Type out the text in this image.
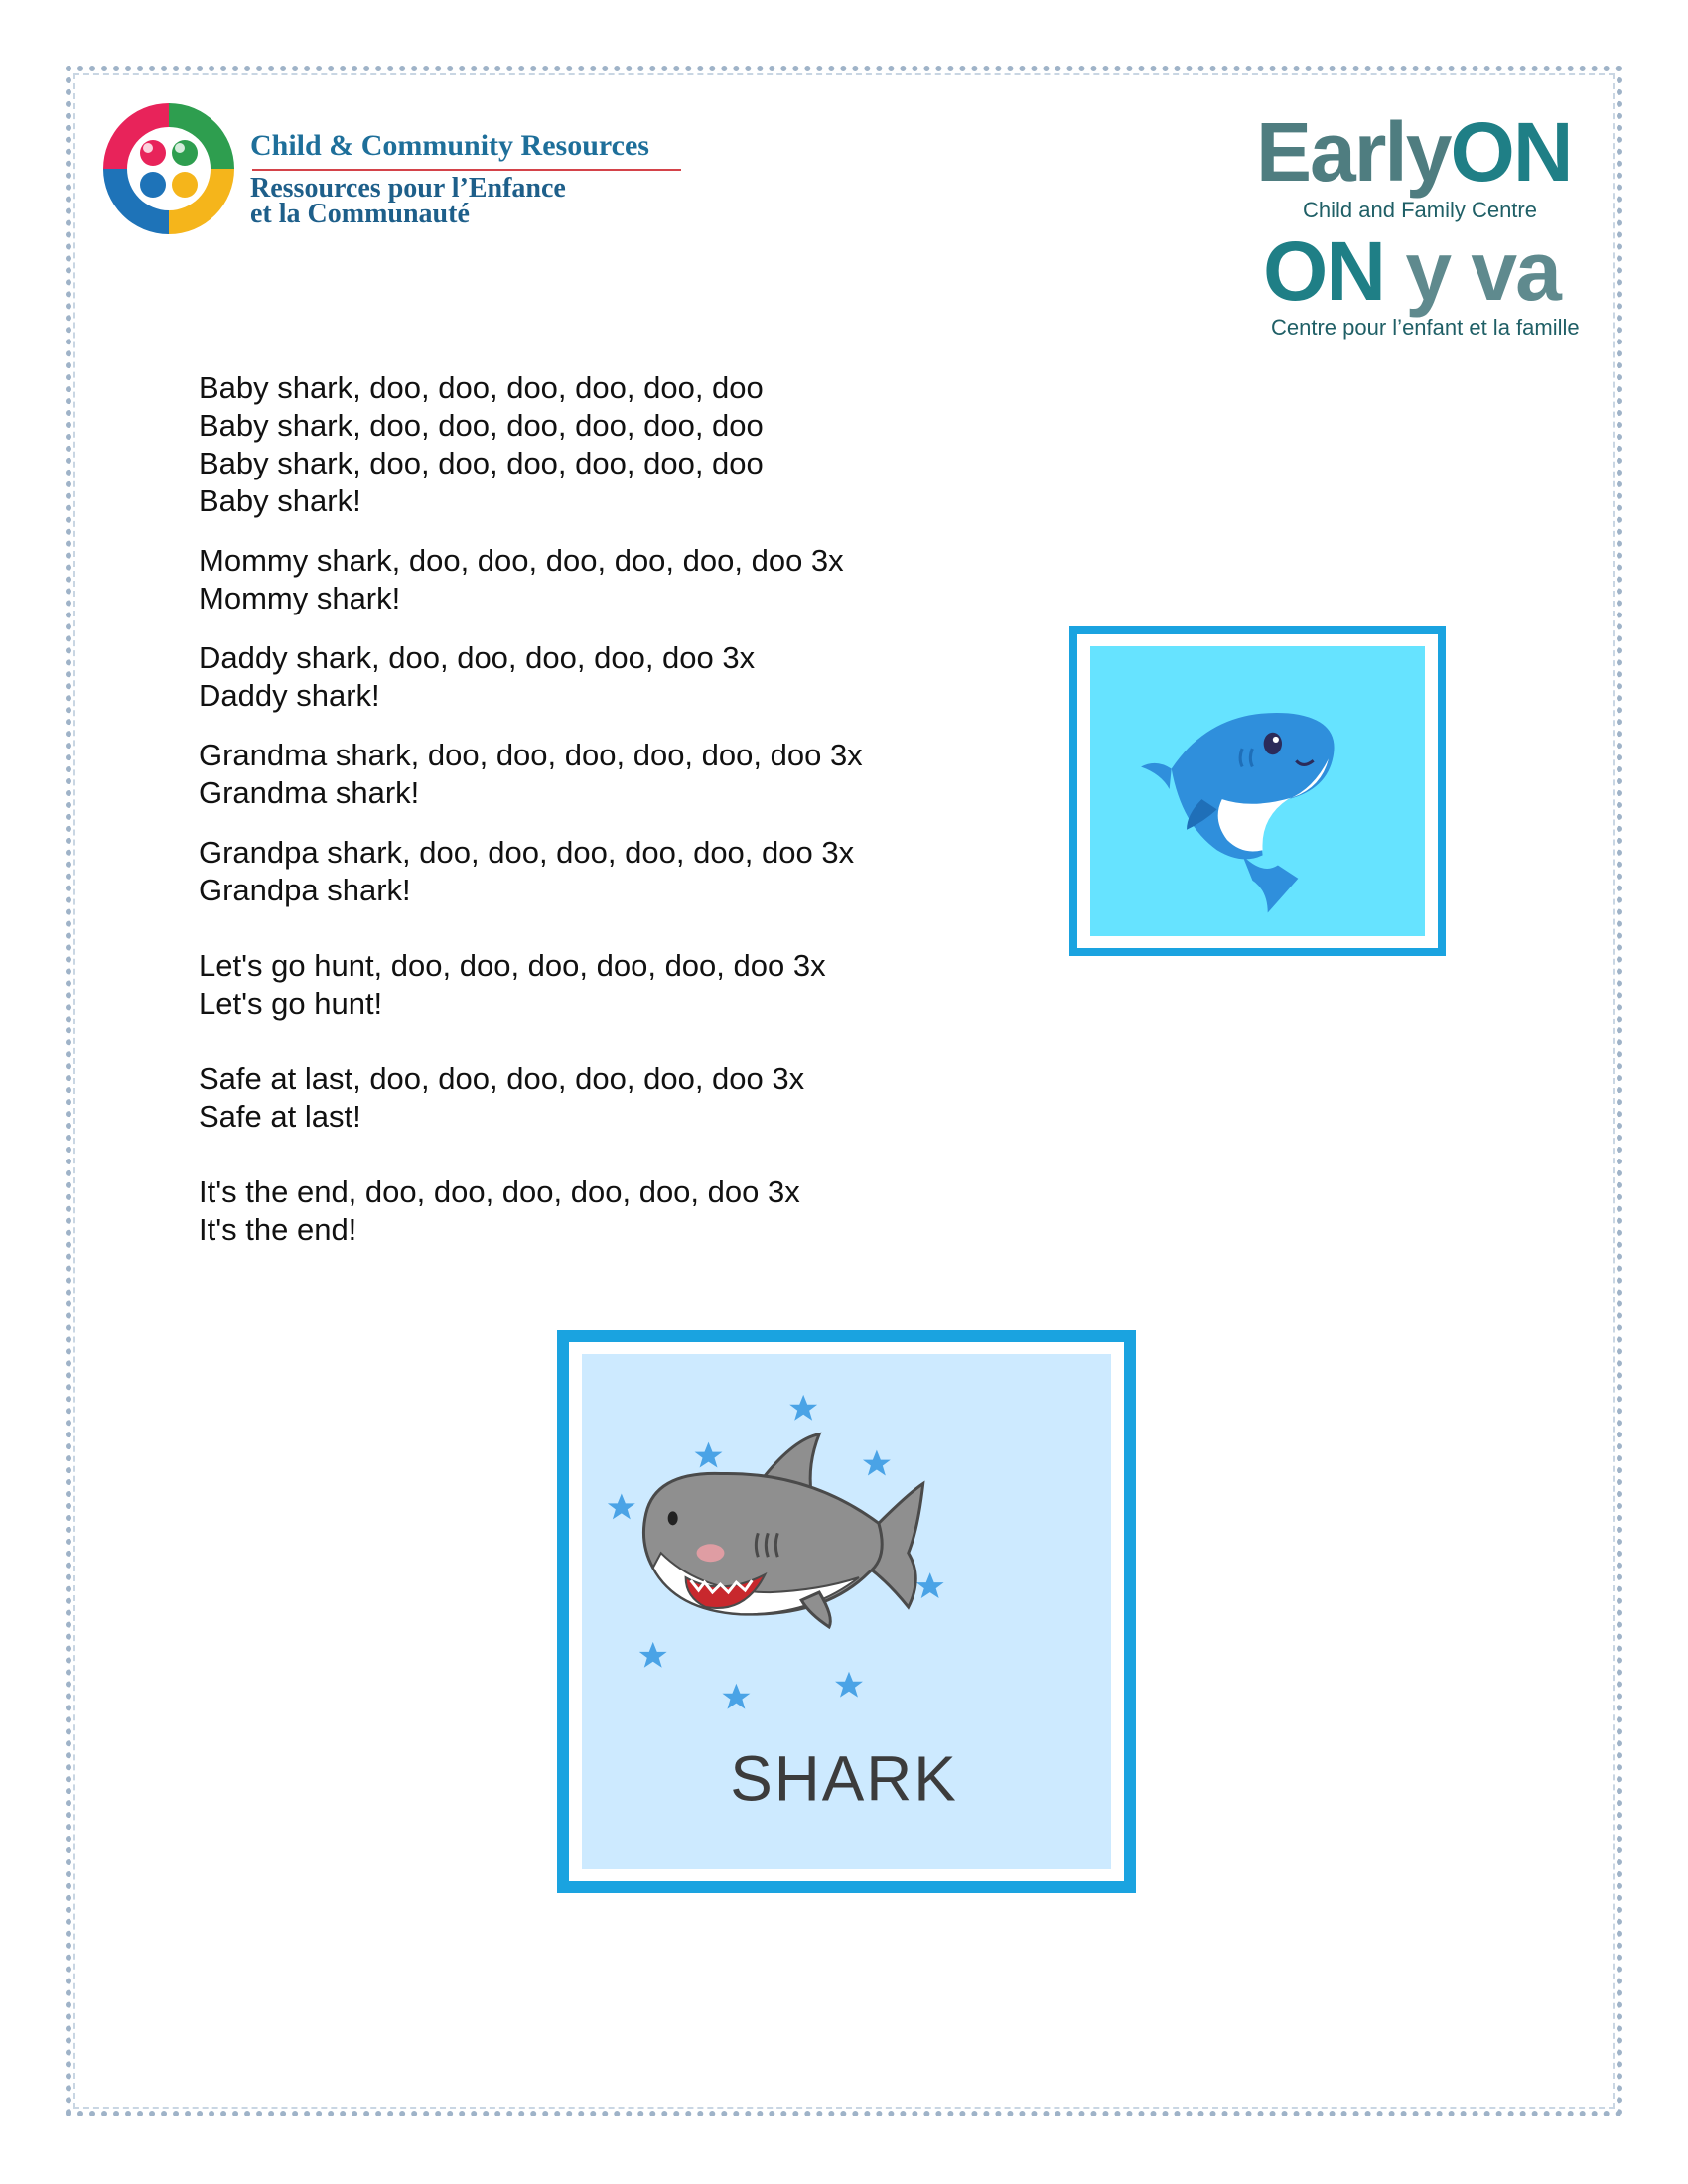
Child & Community Resources
Ressources pour l’Enfance
et la Communauté
EarlyON
Child and Family Centre
ON y va
Centre pour l’enfant et la famille
Baby shark, doo, doo, doo, doo, doo, doo
Baby shark, doo, doo, doo, doo, doo, doo
Baby shark, doo, doo, doo, doo, doo, doo
Baby shark!
Mommy shark, doo, doo, doo, doo, doo, doo 3x
Mommy shark!
Daddy shark, doo, doo, doo, doo, doo 3x
Daddy shark!
Grandma shark, doo, doo, doo, doo, doo, doo 3x
Grandma shark!
Grandpa shark, doo, doo, doo, doo, doo, doo 3x
Grandpa shark!
Let's go hunt, doo, doo, doo, doo, doo, doo 3x
Let's go hunt!
Safe at last, doo, doo, doo, doo, doo, doo 3x
Safe at last!
It's the end, doo, doo, doo, doo, doo, doo 3x
It's the end!
SHARK
